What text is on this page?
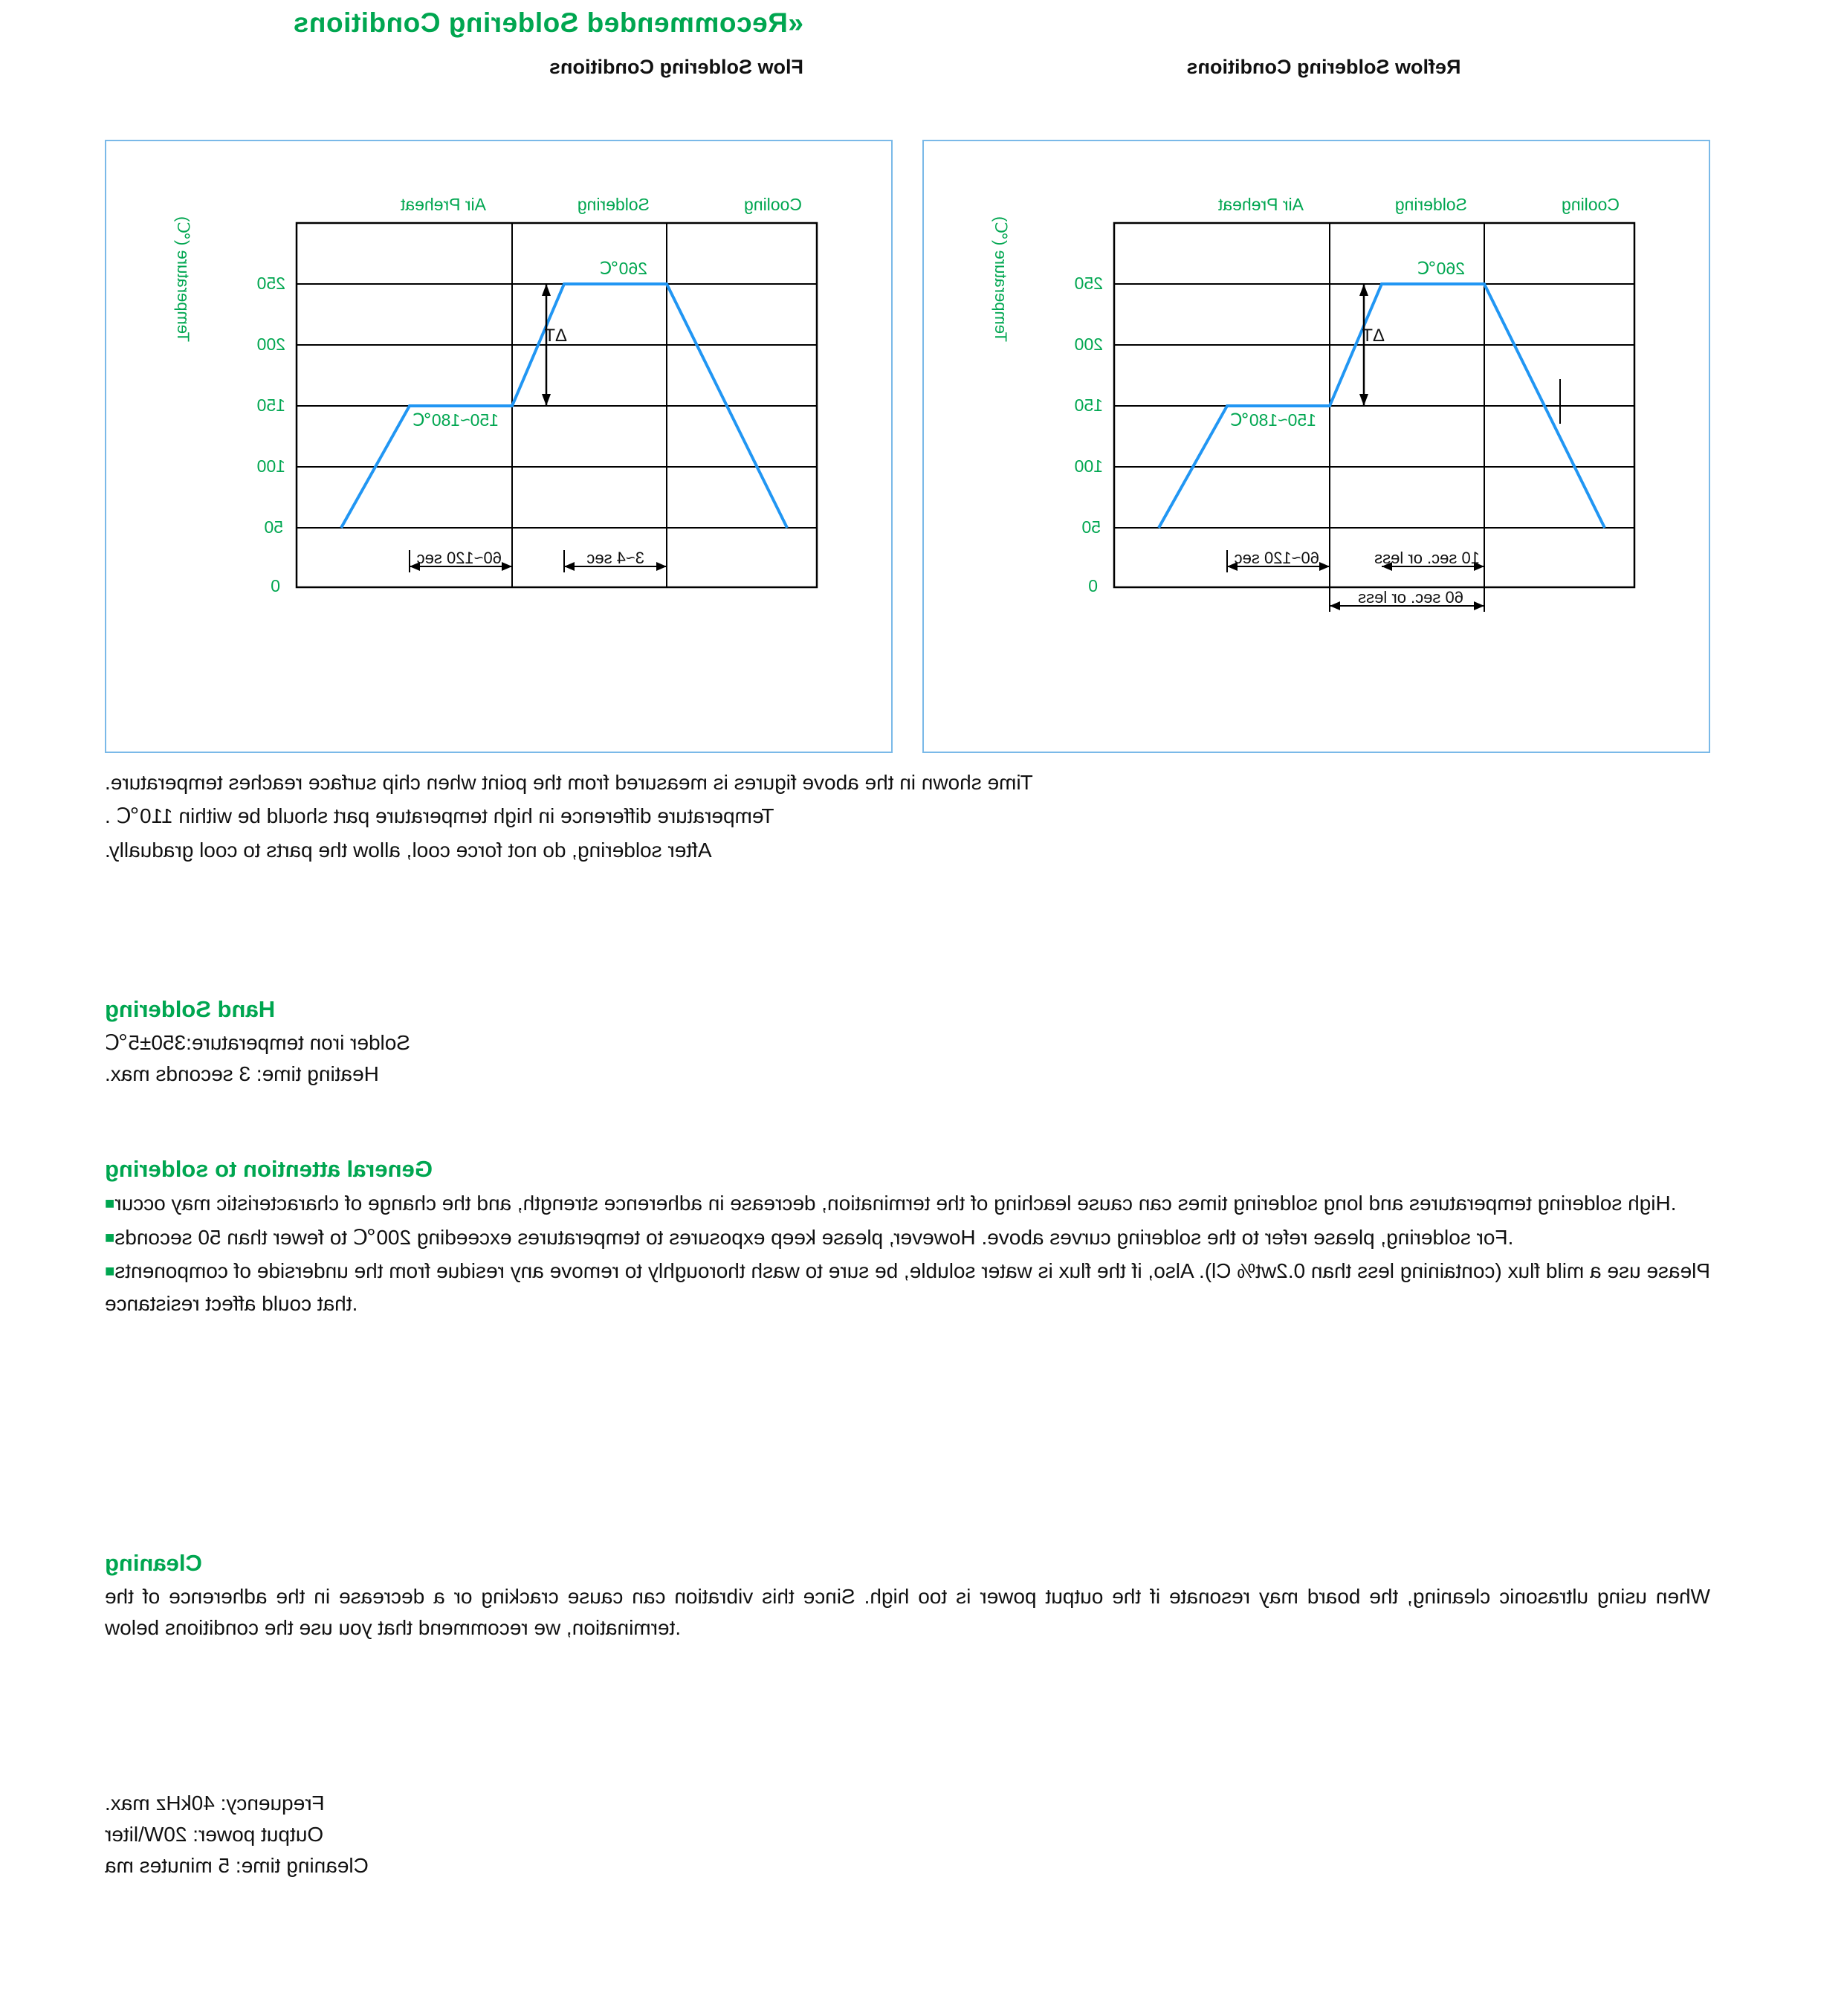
«Recommended Soldering Conditions
Flow Soldering Conditions	Reflow Soldering Conditions
Cooling
Soldering
Air Preheat
250
200
150
100
50
0
Temperature (℃)	260℃
150~180℃
ΔT
10 sec. or less
60~120 sec
60 sec. or less
Cooling
Soldering
Air Preheat
250
200
150
100
50
0
Temperature (℃)	260℃
150~180℃
ΔT
3~4 sec
60~120 sec
Time shown in the above figures is measured from the point when chip surface reaches temperature.
Temperature difference in high temperature part should be within 110℃ .
After soldering, do not force cool, allow the parts to cool gradually.
Hand Soldering
Solder iron temperature:350±5℃
Heating time: 3 seconds max.
General attention to soldering
■	High soldering temperatures and long soldering times can cause leaching of the termination, decrease in adherence strength, and the change of characteristic may occur.
■	For soldering, please refer to the soldering curves above. However, please keep exposures to temperatures exceeding 200℃ to fewer than 50 seconds.
■Please use a mild flux (containing less than 0.2wt% Cl). Also, if the flux is water soluble, be sure to wash thoroughly to remove any residue from the underside of components that could affect resistance.
Cleaning
When using ultrasonic cleaning, the board may resonate if the output power is too high. Since this vibration can cause cracking or a decrease in the adherence of the termination, we recommend that you use the conditions below.
Frequency: 40kHz max.
Output power: 20W\liter
Cleaning time: 5 minutes ma
